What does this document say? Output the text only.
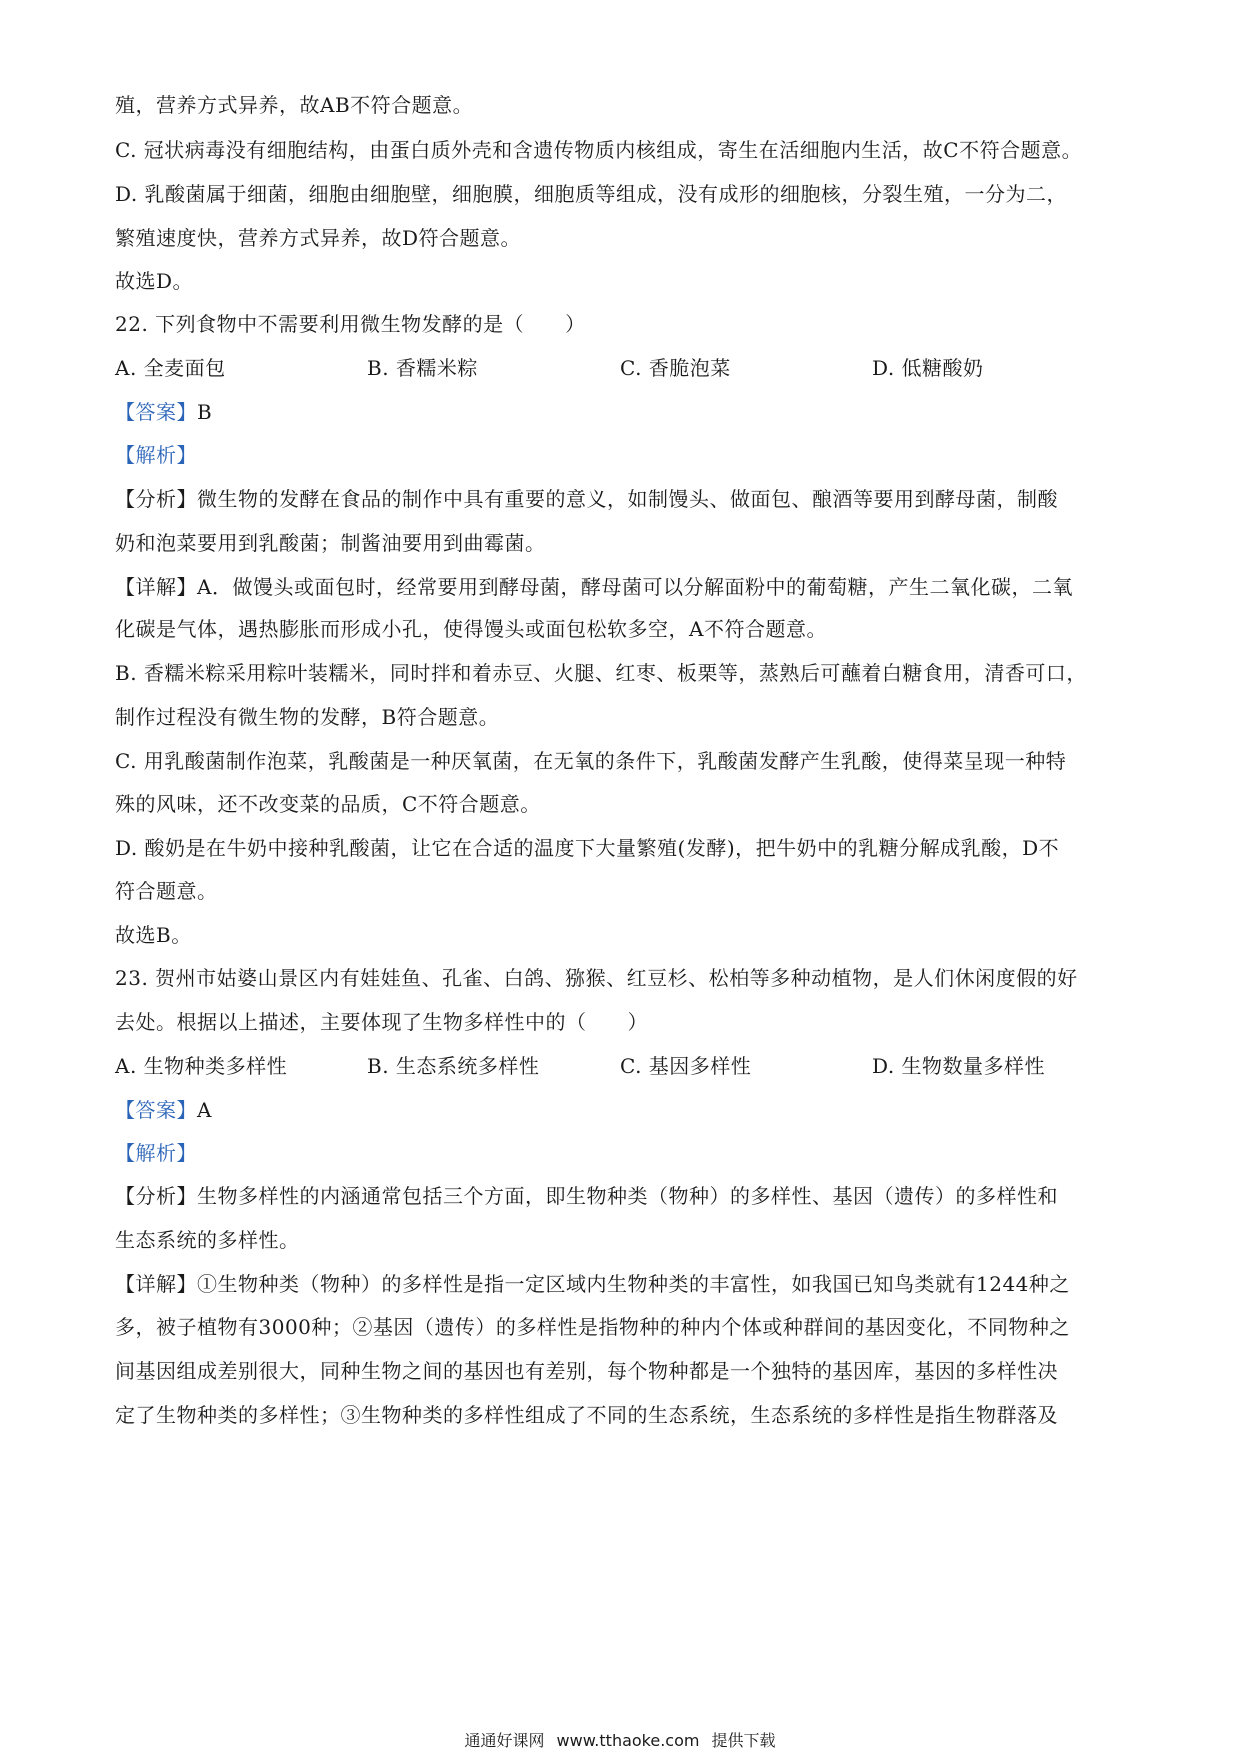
殖，营养方式异养，故AB不符合题意。
C. 冠状病毒没有细胞结构，由蛋白质外壳和含遗传物质内核组成，寄生在活细胞内生活，故C不符合题意。
D. 乳酸菌属于细菌，细胞由细胞壁，细胞膜，细胞质等组成，没有成形的细胞核，分裂生殖，一分为二，
繁殖速度快，营养方式异养，故D符合题意。
故选D。
22. 下列食物中不需要利用微生物发酵的是（　　）
A. 全麦面包	B. 香糯米粽	C. 香脆泡菜	D. 低糖酸奶
【答案】B
【解析】
【分析】微生物的发酵在食品的制作中具有重要的意义，如制馒头、做面包、酿酒等要用到酵母菌，制酸
奶和泡菜要用到乳酸菌；制酱油要用到曲霉菌。
【详解】A．做馒头或面包时，经常要用到酵母菌，酵母菌可以分解面粉中的葡萄糖，产生二氧化碳，二氧
化碳是气体，遇热膨胀而形成小孔，使得馒头或面包松软多空，A不符合题意。
B. 香糯米粽采用粽叶装糯米，同时拌和着赤豆、火腿、红枣、板栗等，蒸熟后可蘸着白糖食用，清香可口，
制作过程没有微生物的发酵，B符合题意。
C. 用乳酸菌制作泡菜，乳酸菌是一种厌氧菌，在无氧的条件下，乳酸菌发酵产生乳酸，使得菜呈现一种特
殊的风味，还不改变菜的品质，C不符合题意。
D. 酸奶是在牛奶中接种乳酸菌，让它在合适的温度下大量繁殖(发酵)，把牛奶中的乳糖分解成乳酸，D不
符合题意。
故选B。
23. 贺州市姑婆山景区内有娃娃鱼、孔雀、白鸽、猕猴、红豆杉、松柏等多种动植物，是人们休闲度假的好
去处。根据以上描述，主要体现了生物多样性中的（　　）
A. 生物种类多样性	B. 生态系统多样性	C. 基因多样性	D. 生物数量多样性
【答案】A
【解析】
【分析】生物多样性的内涵通常包括三个方面，即生物种类（物种）的多样性、基因（遗传）的多样性和
生态系统的多样性。
【详解】①生物种类（物种）的多样性是指一定区域内生物种类的丰富性，如我国已知鸟类就有1244种之
多，被子植物有3000种；②基因（遗传）的多样性是指物种的种内个体或种群间的基因变化，不同物种之
间基因组成差别很大，同种生物之间的基因也有差别，每个物种都是一个独特的基因库，基因的多样性决
定了生物种类的多样性；③生物种类的多样性组成了不同的生态系统，生态系统的多样性是指生物群落及
通通好课网 www.tthaoke.com 提供下载
